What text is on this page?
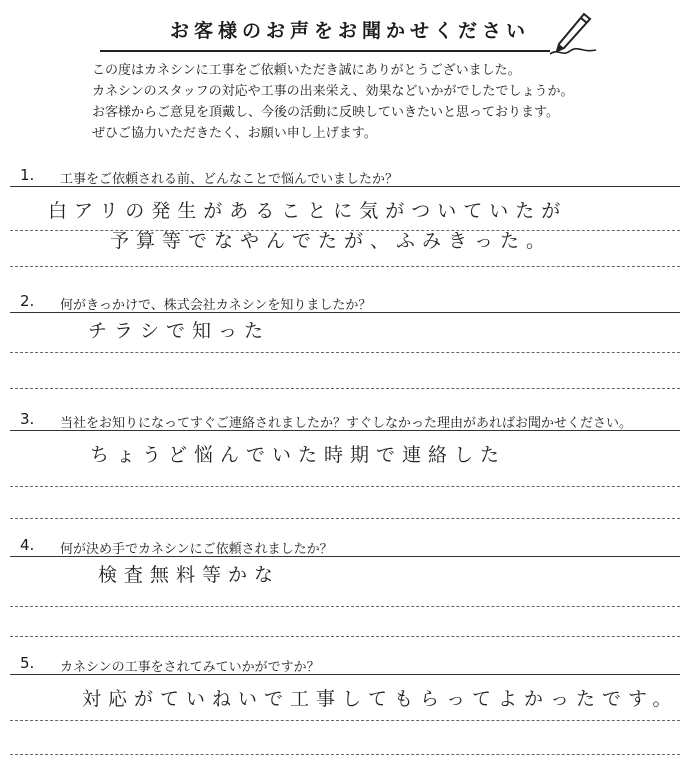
お客様のお声をお聞かせください
この度はカネシンに工事をご依頼いただき誠にありがとうございました。
カネシンのスタッフの対応や工事の出来栄え、効果などいかがでしたでしょうか。
お客様からご意見を頂戴し、今後の活動に反映していきたいと思っております。
ぜひご協力いただきたく、お願い申し上げます。
1. 工事をご依頼される前、どんなことで悩んでいましたか？
白アリの発生があることに気がついていたが
予算等でなやんでたが、ふみきった。
2. 何がきっかけで、株式会社カネシンを知りましたか？
チラシで知った
3. 当社をお知りになってすぐご連絡されましたか？すぐしなかった理由があればお聞かせください。
ちょうど悩んでいた時期で連絡した
4. 何が決め手でカネシンにご依頼されましたか？
検査無料等かな
5. カネシンの工事をされてみていかがですか？
対応がていねいで工事してもらってよかったです。
